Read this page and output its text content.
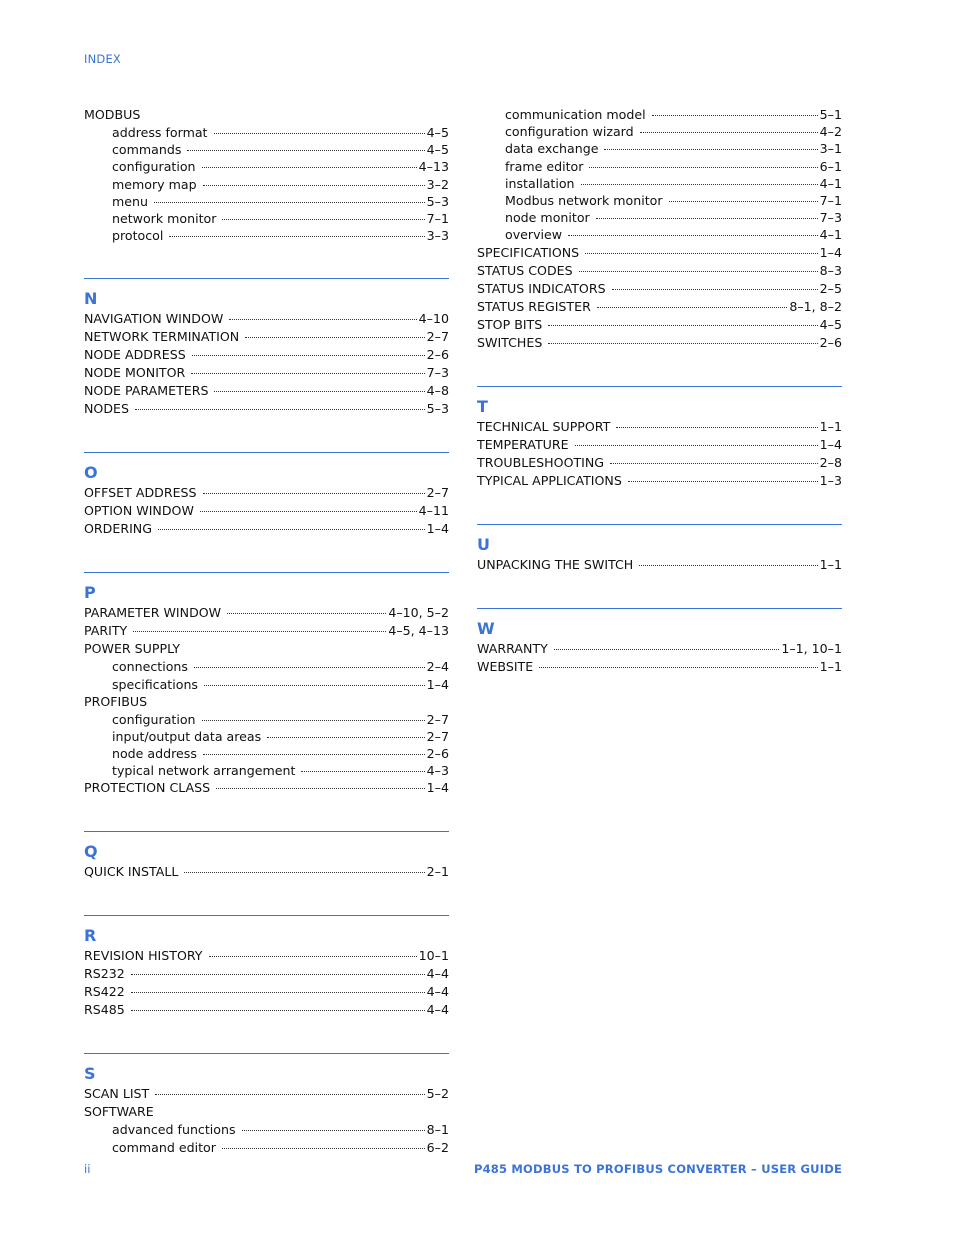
INDEX
MODBUS
address format	4–5
commands	4–5
configuration	4–13
memory map	3–2
menu	5–3
network monitor	7–1
protocol	3–3
N
NAVIGATION WINDOW	4–10
NETWORK TERMINATION	2–7
NODE ADDRESS	2–6
NODE MONITOR	7–3
NODE PARAMETERS	4–8
NODES	5–3
O
OFFSET ADDRESS	2–7
OPTION WINDOW	4–11
ORDERING	1–4
P
PARAMETER WINDOW	4–10, 5–2
PARITY	4–5, 4–13
POWER SUPPLY
connections	2–4
specifications	1–4
PROFIBUS
configuration	2–7
input/output data areas	2–7
node address	2–6
typical network arrangement	4–3
PROTECTION CLASS	1–4
Q
QUICK INSTALL	2–1
R
REVISION HISTORY	10–1
RS232	4–4
RS422	4–4
RS485	4–4
S
SCAN LIST	5–2
SOFTWARE
advanced functions	8–1
command editor	6–2
communication model	5–1
configuration wizard	4–2
data exchange	3–1
frame editor	6–1
installation	4–1
Modbus network monitor	7–1
node monitor	7–3
overview	4–1
SPECIFICATIONS	1–4
STATUS CODES	8–3
STATUS INDICATORS	2–5
STATUS REGISTER	8–1, 8–2
STOP BITS	4–5
SWITCHES	2–6
T
TECHNICAL SUPPORT	1–1
TEMPERATURE	1–4
TROUBLESHOOTING	2–8
TYPICAL APPLICATIONS	1–3
U
UNPACKING THE SWITCH	1–1
W
WARRANTY	1–1, 10–1
WEBSITE	1–1
ii	P485 MODBUS TO PROFIBUS CONVERTER – USER GUIDE
